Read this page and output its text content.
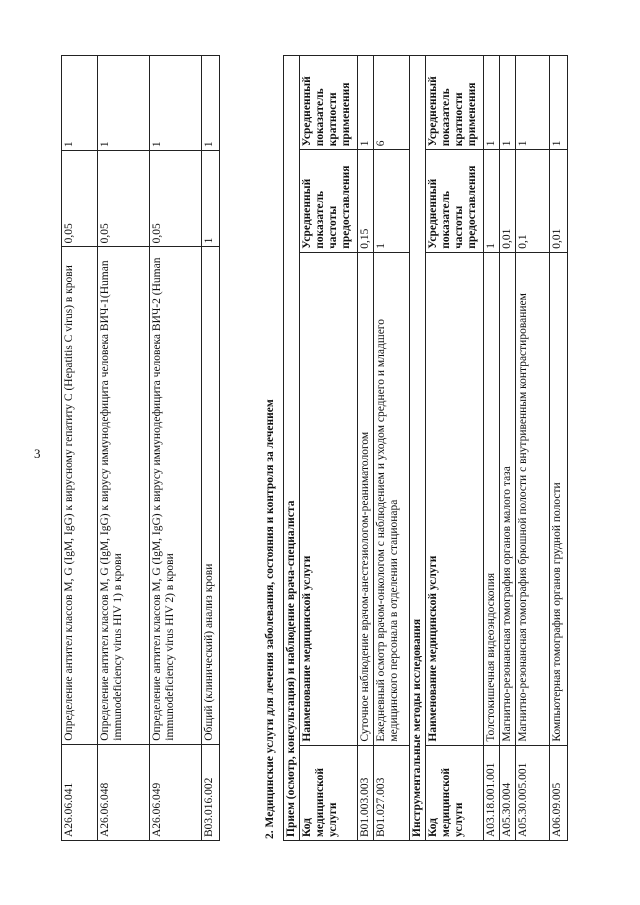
3
A26.06.041	Определение антител классов M, G (IgM, IgG) к вирусному гепатиту C (Hepatitis C virus) в крови	0,05	1
A26.06.048	Определение антител классов M, G (IgM, IgG) к вирусу иммунодефицита человека ВИЧ-1(Human immunodeficiency virus HIV 1) в крови	0,05	1
A26.06.049	Определение антител классов M, G (IgM, IgG) к вирусу иммунодефицита человека ВИЧ-2 (Human immunodeficiency virus HIV 2) в крови	0,05	1
B03.016.002	Общий (клинический) анализ крови	1	1
2. Медицинские услуги для лечения заболевания, состояния и контроля за лечением Прием (осмотр, консультация) и наблюдение врача-специалиста			
Код медицинской услуги	Наименование медицинской услуги	Усредненный показатель частоты предоставления	Усредненный показатель кратности применения
B01.003.003	Суточное наблюдение врачом-анестезиологом-реаниматологом	0,15	1
B01.027.003	Ежедневный осмотр врачом-онкологом с наблюдением и уходом среднего и младшего медицинского персонала в отделении стационара	1	6
Инструментальные методы исследования			
Код медицинской услуги	Наименование медицинской услуги	Усредненный показатель частоты предоставления	Усредненный показатель кратности применения
A03.18.001.001	Толстокишечная видеоэндоскопия	1	1
A05.30.004	Магнитно-резонансная томография органов малого таза	0,01	1
A05.30.005.001	Магнитно-резонансная томография брюшной полости с внутривенным контрастированием	0,1	1
A06.09.005	Компьютерная томография органов грудной полости	0,01	1
